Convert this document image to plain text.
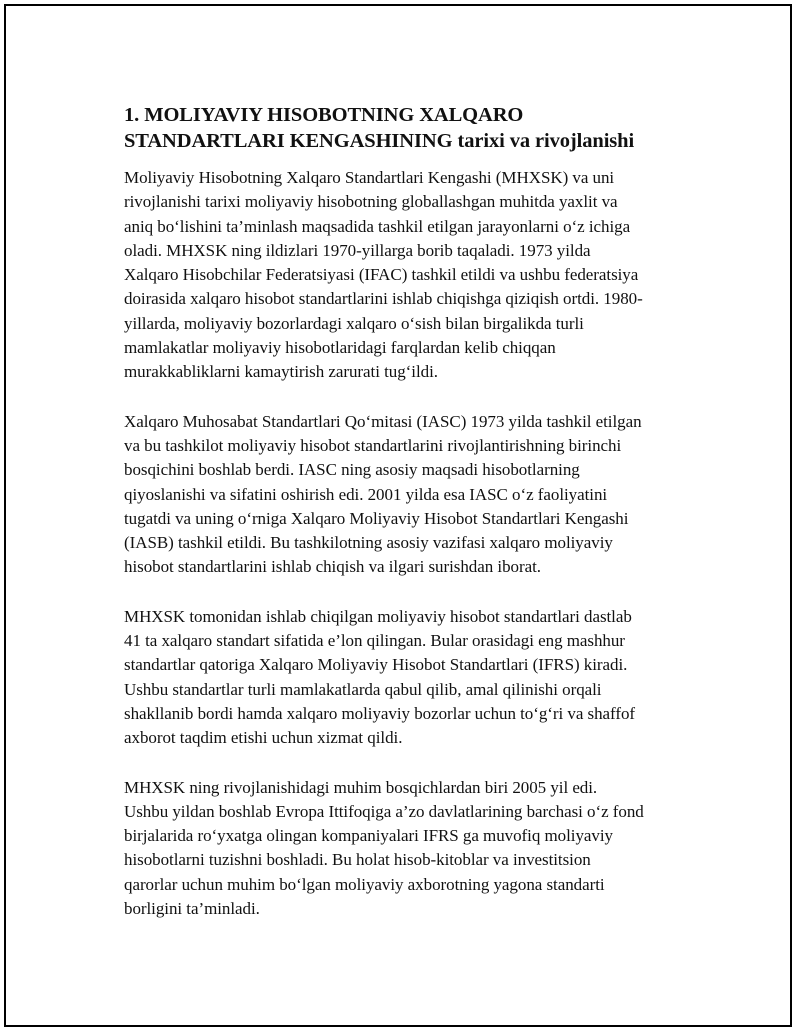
1. MOLIYAVIY HISOBOTNING XALQARO
STANDARTLARI KENGASHINING tarixi va rivojlanishi

Moliyaviy Hisobotning Xalqaro Standartlari Kengashi (MHXSK) va uni
rivojlanishi tarixi moliyaviy hisobotning globallashgan muhitda yaxlit va
aniq bo‘lishini ta’minlash maqsadida tashkil etilgan jarayonlarni o‘z ichiga
oladi. MHXSK ning ildizlari 1970-yillarga borib taqaladi. 1973 yilda
Xalqaro Hisobchilar Federatsiyasi (IFAC) tashkil etildi va ushbu federatsiya
doirasida xalqaro hisobot standartlarini ishlab chiqishga qiziqish ortdi. 1980-
yillarda, moliyaviy bozorlardagi xalqaro o‘sish bilan birgalikda turli
mamlakatlar moliyaviy hisobotlaridagi farqlardan kelib chiqqan
murakkabliklarni kamaytirish zarurati tug‘ildi.

Xalqaro Muhosabat Standartlari Qo‘mitasi (IASC) 1973 yilda tashkil etilgan
va bu tashkilot moliyaviy hisobot standartlarini rivojlantirishning birinchi
bosqichini boshlab berdi. IASC ning asosiy maqsadi hisobotlarning
qiyoslanishi va sifatini oshirish edi. 2001 yilda esa IASC o‘z faoliyatini
tugatdi va uning o‘rniga Xalqaro Moliyaviy Hisobot Standartlari Kengashi
(IASB) tashkil etildi. Bu tashkilotning asosiy vazifasi xalqaro moliyaviy
hisobot standartlarini ishlab chiqish va ilgari surishdan iborat.

MHXSK tomonidan ishlab chiqilgan moliyaviy hisobot standartlari dastlab
41 ta xalqaro standart sifatida e’lon qilingan. Bular orasidagi eng mashhur
standartlar qatoriga Xalqaro Moliyaviy Hisobot Standartlari (IFRS) kiradi.
Ushbu standartlar turli mamlakatlarda qabul qilib, amal qilinishi orqali
shakllanib bordi hamda xalqaro moliyaviy bozorlar uchun to‘g‘ri va shaffof
axborot taqdim etishi uchun xizmat qildi.

MHXSK ning rivojlanishidagi muhim bosqichlardan biri 2005 yil edi.
Ushbu yildan boshlab Evropa Ittifoqiga a’zo davlatlarining barchasi o‘z fond
birjalarida ro‘yxatga olingan kompaniyalari IFRS ga muvofiq moliyaviy
hisobotlarni tuzishni boshladi. Bu holat hisob-kitoblar va investitsion
qarorlar uchun muhim bo‘lgan moliyaviy axborotning yagona standarti
borligini ta’minladi.
